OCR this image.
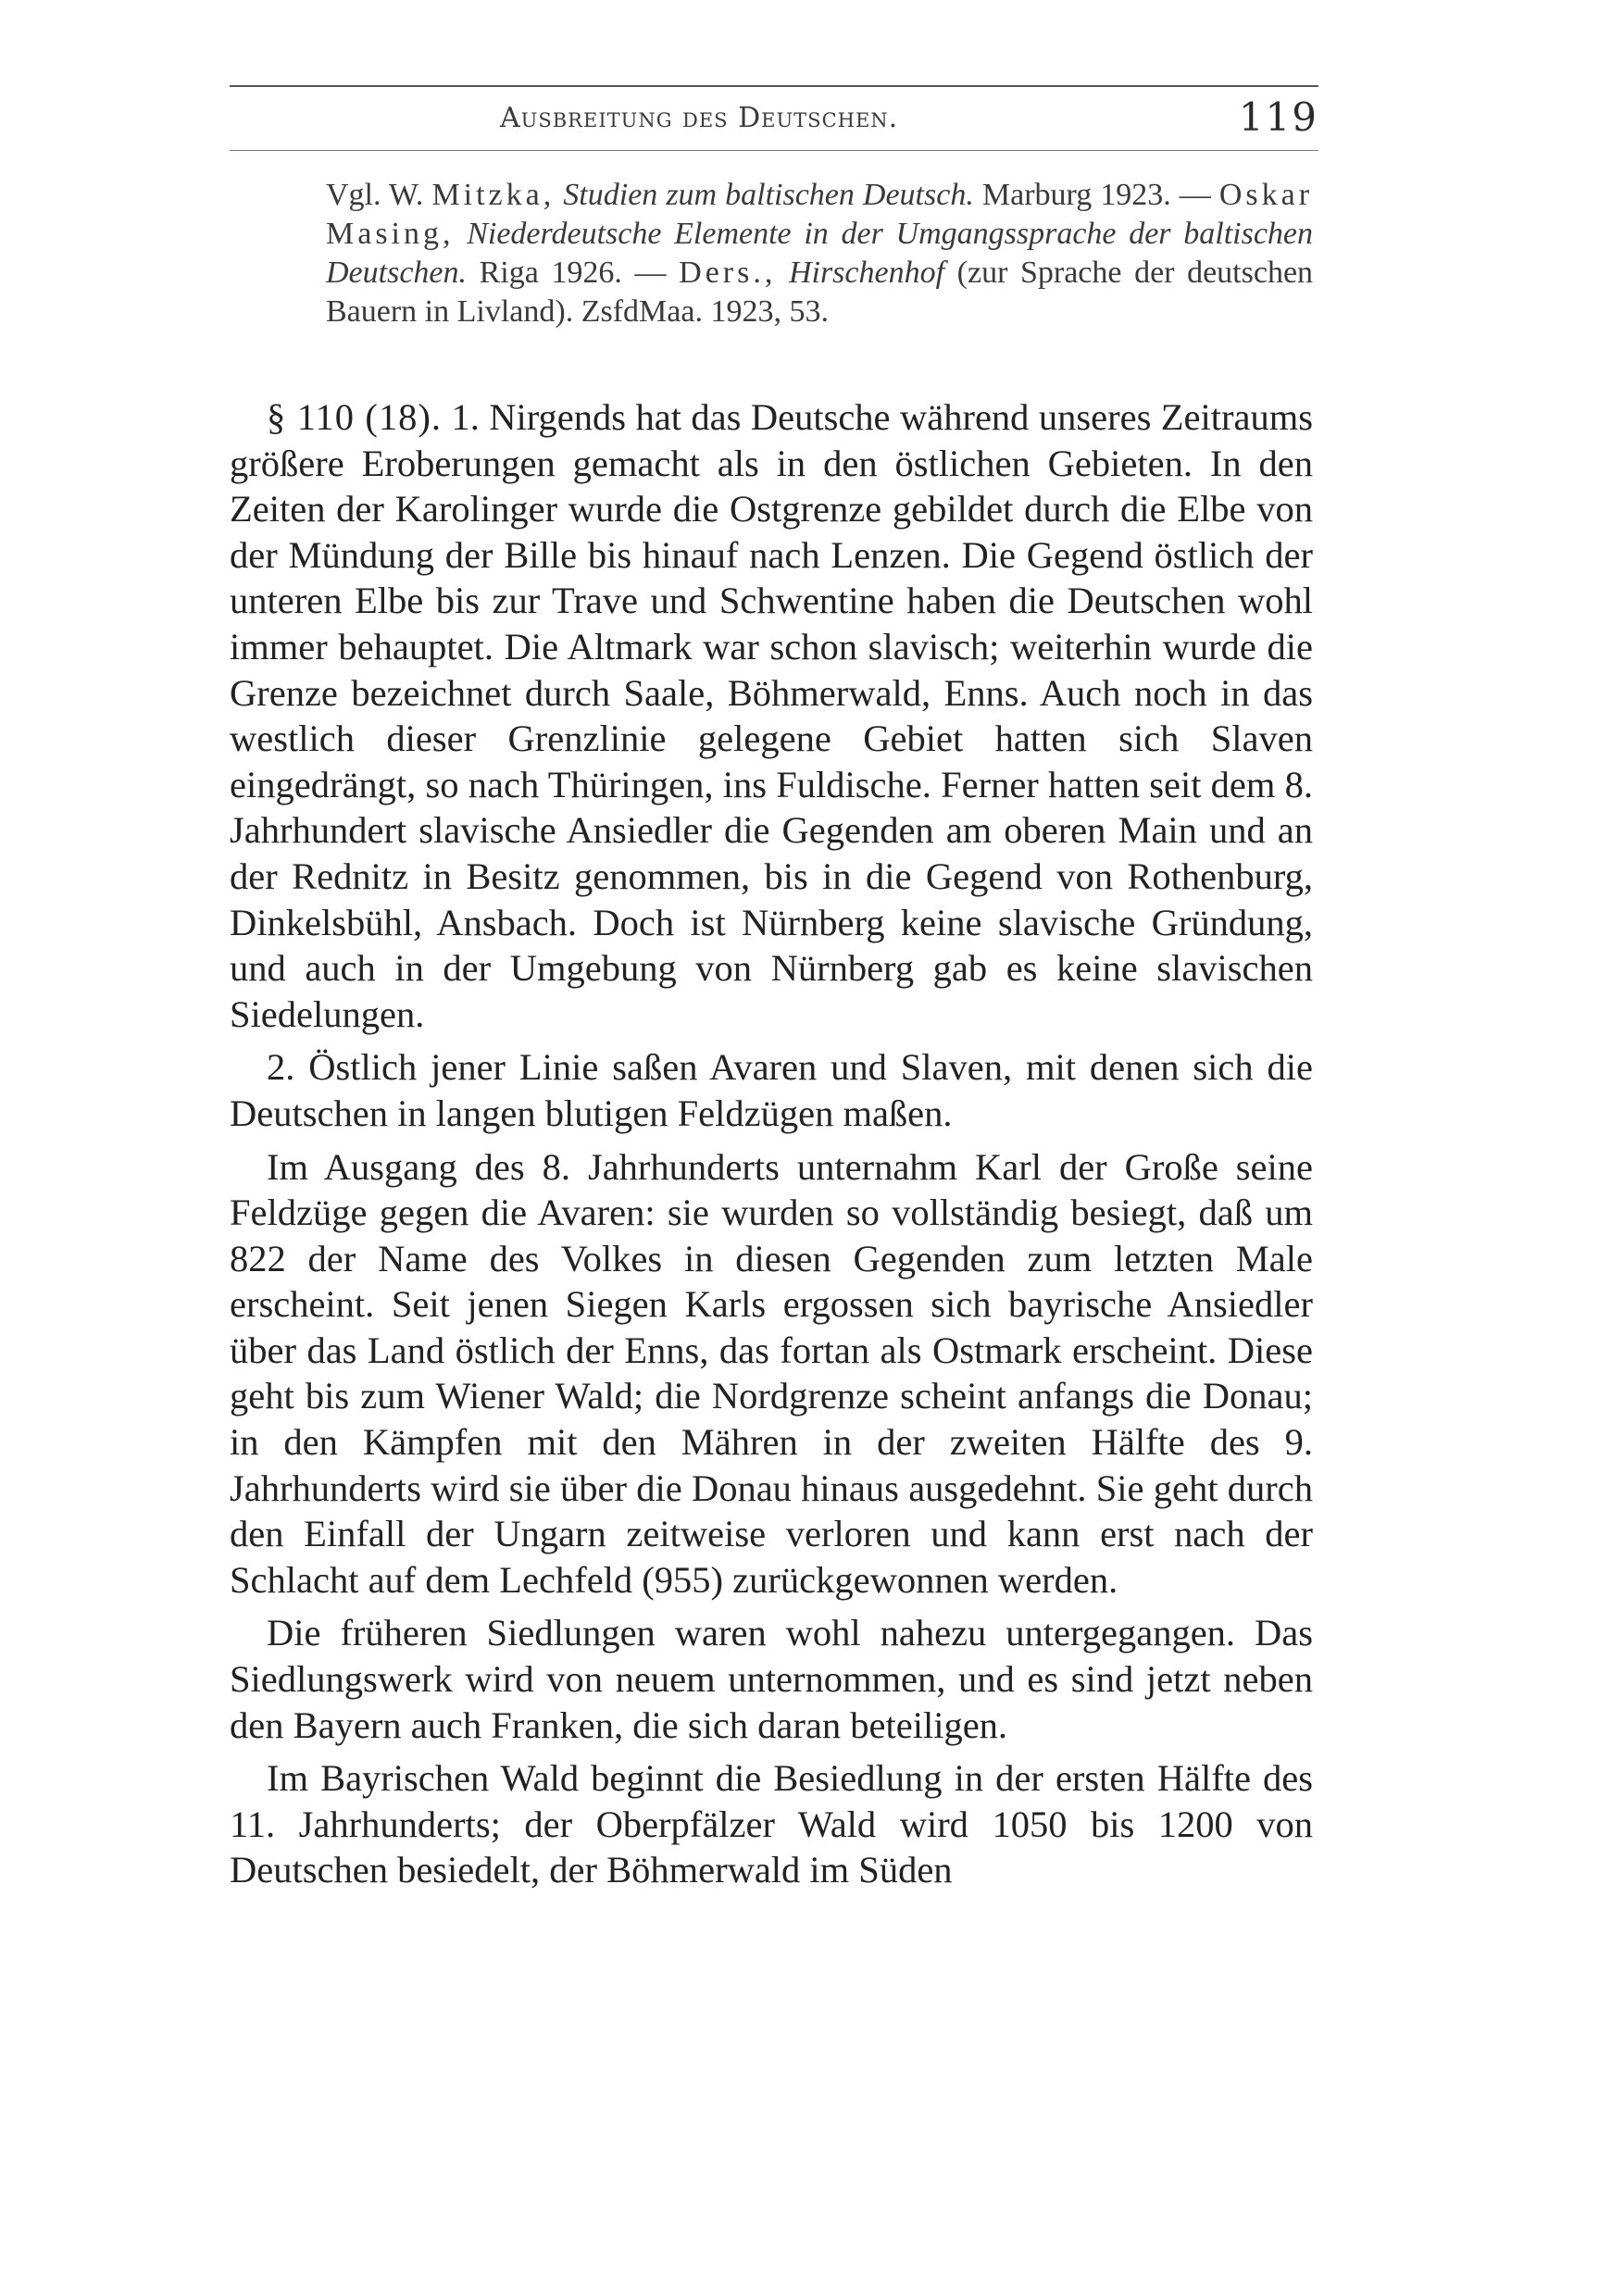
Ausbreitung des Deutschen.	119

Vgl. W. Mitzka, Studien zum baltischen Deutsch. Marburg 1923. — Oskar Masing, Niederdeutsche Elemente in der Umgangssprache der baltischen Deutschen. Riga 1926. — Ders., Hirschenhof (zur Sprache der deutschen Bauern in Livland). ZsfdMaa. 1923, 53.

§ 110 (18). 1. Nirgends hat das Deutsche während unseres Zeitraums größere Eroberungen gemacht als in den östlichen Gebieten. In den Zeiten der Karolinger wurde die Ostgrenze gebildet durch die Elbe von der Mündung der Bille bis hinauf nach Lenzen. Die Gegend östlich der unteren Elbe bis zur Trave und Schwentine haben die Deutschen wohl immer behauptet. Die Altmark war schon slavisch; weiterhin wurde die Grenze bezeichnet durch Saale, Böhmerwald, Enns. Auch noch in das westlich dieser Grenzlinie gelegene Gebiet hatten sich Slaven eingedrängt, so nach Thüringen, ins Fuldische. Ferner hatten seit dem 8. Jahrhundert slavische Ansiedler die Gegenden am oberen Main und an der Rednitz in Besitz genommen, bis in die Gegend von Rothenburg, Dinkelsbühl, Ansbach. Doch ist Nürnberg keine slavische Gründung, und auch in der Umgebung von Nürnberg gab es keine slavischen Siedelungen.

2. Östlich jener Linie saßen Avaren und Slaven, mit denen sich die Deutschen in langen blutigen Feldzügen maßen.

Im Ausgang des 8. Jahrhunderts unternahm Karl der Große seine Feldzüge gegen die Avaren: sie wurden so vollständig besiegt, daß um 822 der Name des Volkes in diesen Gegenden zum letzten Male erscheint. Seit jenen Siegen Karls ergossen sich bayrische Ansiedler über das Land östlich der Enns, das fortan als Ostmark erscheint. Diese geht bis zum Wiener Wald; die Nordgrenze scheint anfangs die Donau; in den Kämpfen mit den Mähren in der zweiten Hälfte des 9. Jahrhunderts wird sie über die Donau hinaus ausgedehnt. Sie geht durch den Einfall der Ungarn zeitweise verloren und kann erst nach der Schlacht auf dem Lechfeld (955) zurückgewonnen werden.

Die früheren Siedlungen waren wohl nahezu untergegangen. Das Siedlungswerk wird von neuem unternommen, und es sind jetzt neben den Bayern auch Franken, die sich daran beteiligen.

Im Bayrischen Wald beginnt die Besiedlung in der ersten Hälfte des 11. Jahrhunderts; der Oberpfälzer Wald wird 1050 bis 1200 von Deutschen besiedelt, der Böhmerwald im Süden
